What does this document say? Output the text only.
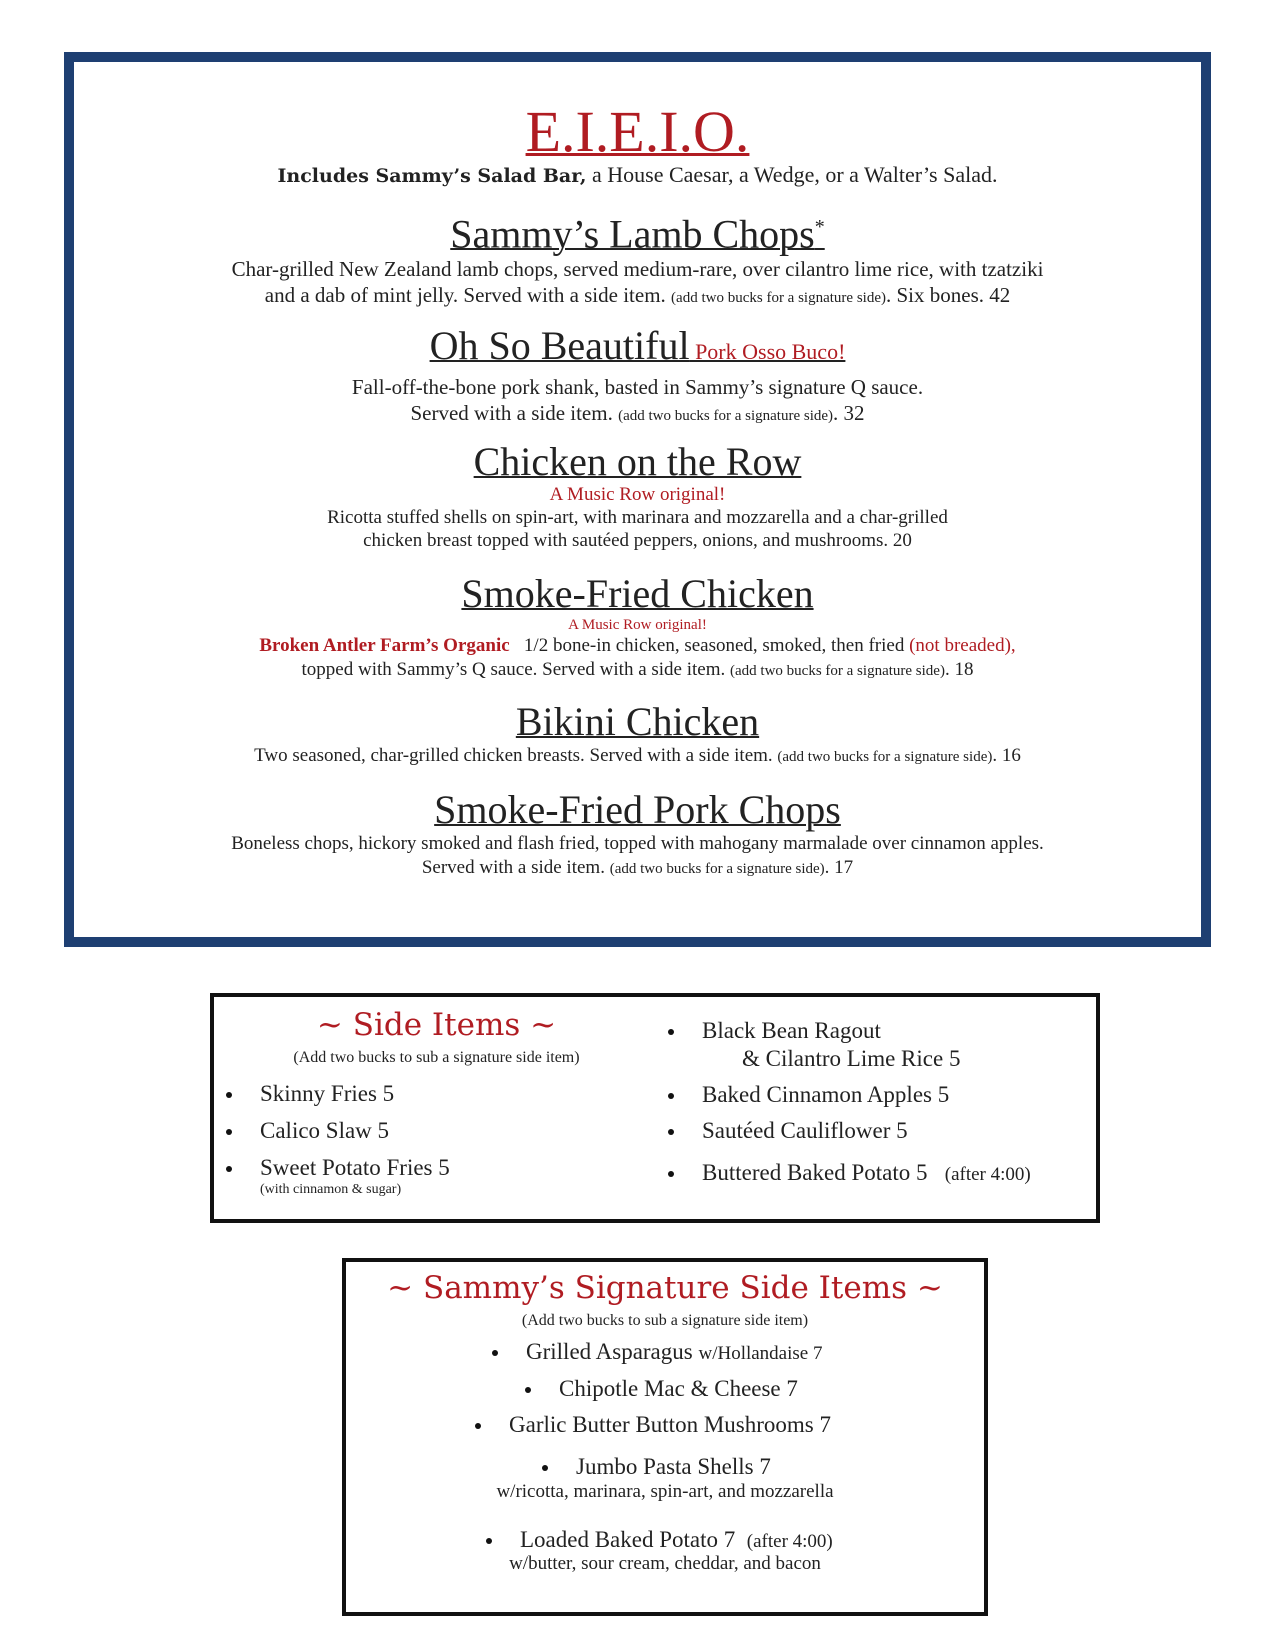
E.I.E.I.O.
Includes Sammy’s Salad Bar, a House Caesar, a Wedge, or a Walter’s Salad.
Sammy’s Lamb Chops*
Char-grilled New Zealand lamb chops, served medium-rare, over cilantro lime rice, with tzatziki
and a dab of mint jelly. Served with a side item. (add two bucks for a signature side). Six bones. 42
Oh So Beautiful Pork Osso Buco!
Fall-off-the-bone pork shank, basted in Sammy’s signature Q sauce.
Served with a side item. (add two bucks for a signature side). 32
Chicken on the Row
A Music Row original!
Ricotta stuffed shells on spin-art, with marinara and mozzarella and a char-grilled
chicken breast topped with sautéed peppers, onions, and mushrooms. 20
Smoke-Fried Chicken
A Music Row original!
Broken Antler Farm’s Organic 1/2 bone-in chicken, seasoned, smoked, then fried (not breaded),
topped with Sammy’s Q sauce. Served with a side item. (add two bucks for a signature side). 18
Bikini Chicken
Two seasoned, char-grilled chicken breasts. Served with a side item. (add two bucks for a signature side). 16
Smoke-Fried Pork Chops
Boneless chops, hickory smoked and flash fried, topped with mahogany marmalade over cinnamon apples.
Served with a side item. (add two bucks for a signature side). 17
~ Side Items ~
(Add two bucks to sub a signature side item)
Skinny Fries 5
Calico Slaw 5
Sweet Potato Fries 5
(with cinnamon & sugar)
Black Bean Ragout
& Cilantro Lime Rice 5
Baked Cinnamon Apples 5
Sautéed Cauliflower 5
Buttered Baked Potato 5 (after 4:00)
~ Sammy’s Signature Side Items ~
(Add two bucks to sub a signature side item)
Grilled Asparagus w/Hollandaise 7
Chipotle Mac & Cheese 7
Garlic Butter Button Mushrooms 7
Jumbo Pasta Shells 7
w/ricotta, marinara, spin-art, and mozzarella
Loaded Baked Potato 7 (after 4:00)
w/butter, sour cream, cheddar, and bacon
